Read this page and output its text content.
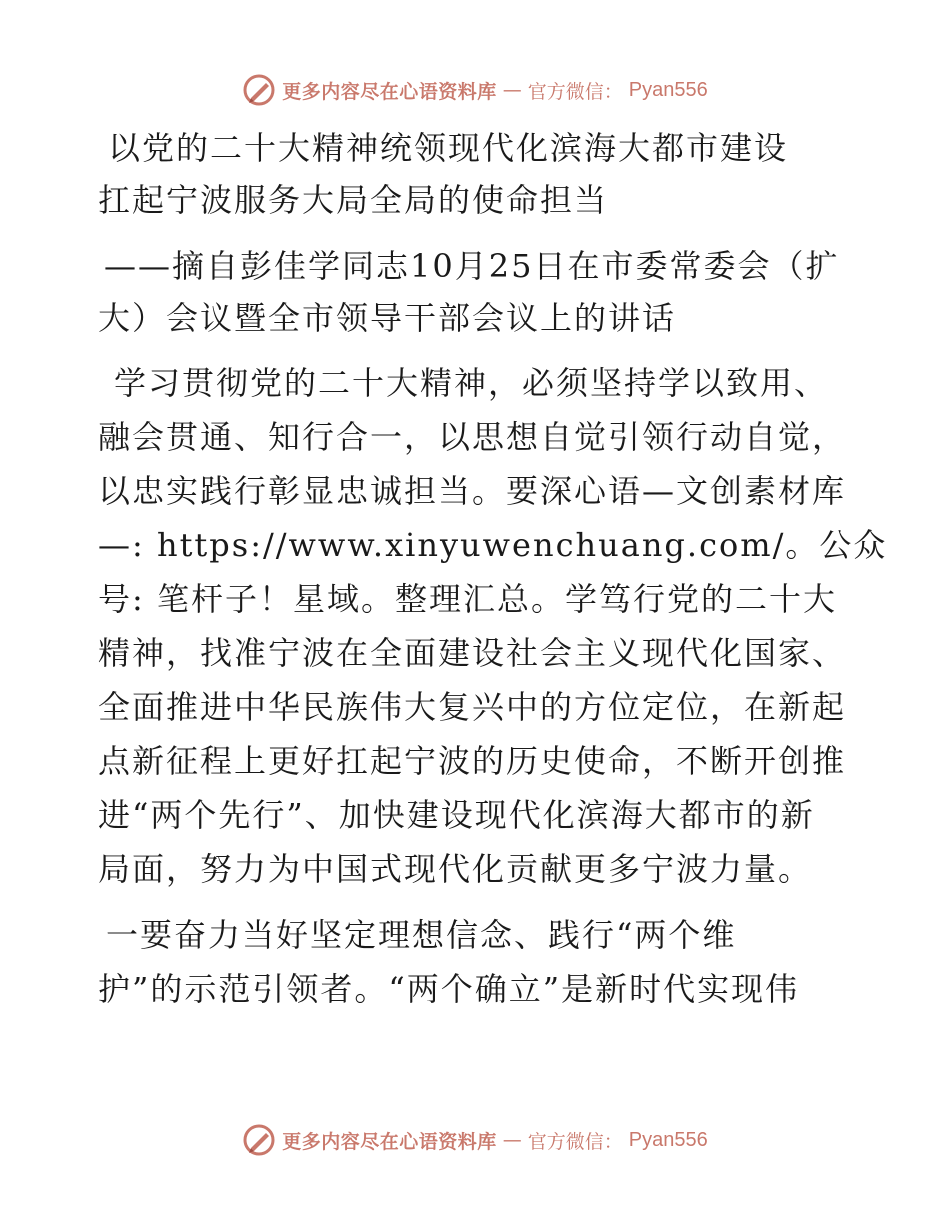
更多内容尽在心语资料库 — 官方微信： Pyan556

以党的二十大精神统领现代化滨海大都市建设

扛起宁波服务大局全局的使命担当

——摘自彭佳学同志10月25日在市委常委会（扩

大）会议暨全市领导干部会议上的讲话

学习贯彻党的二十大精神，必须坚持学以致用、

融会贯通、知行合一，以思想自觉引领行动自觉，

以忠实践行彰显忠诚担当。要深心语—文创素材库

—: https://www.xinyuwenchuang.com/。公众

号: 笔杆子！星域。整理汇总。学笃行党的二十大

精神，找准宁波在全面建设社会主义现代化国家、

全面推进中华民族伟大复兴中的方位定位，在新起

点新征程上更好扛起宁波的历史使命，不断开创推

进“两个先行”、加快建设现代化滨海大都市的新

局面，努力为中国式现代化贡献更多宁波力量。

一要奋力当好坚定理想信念、践行“两个维

护”的示范引领者。“两个确立”是新时代实现伟

更多内容尽在心语资料库 — 官方微信： Pyan556
